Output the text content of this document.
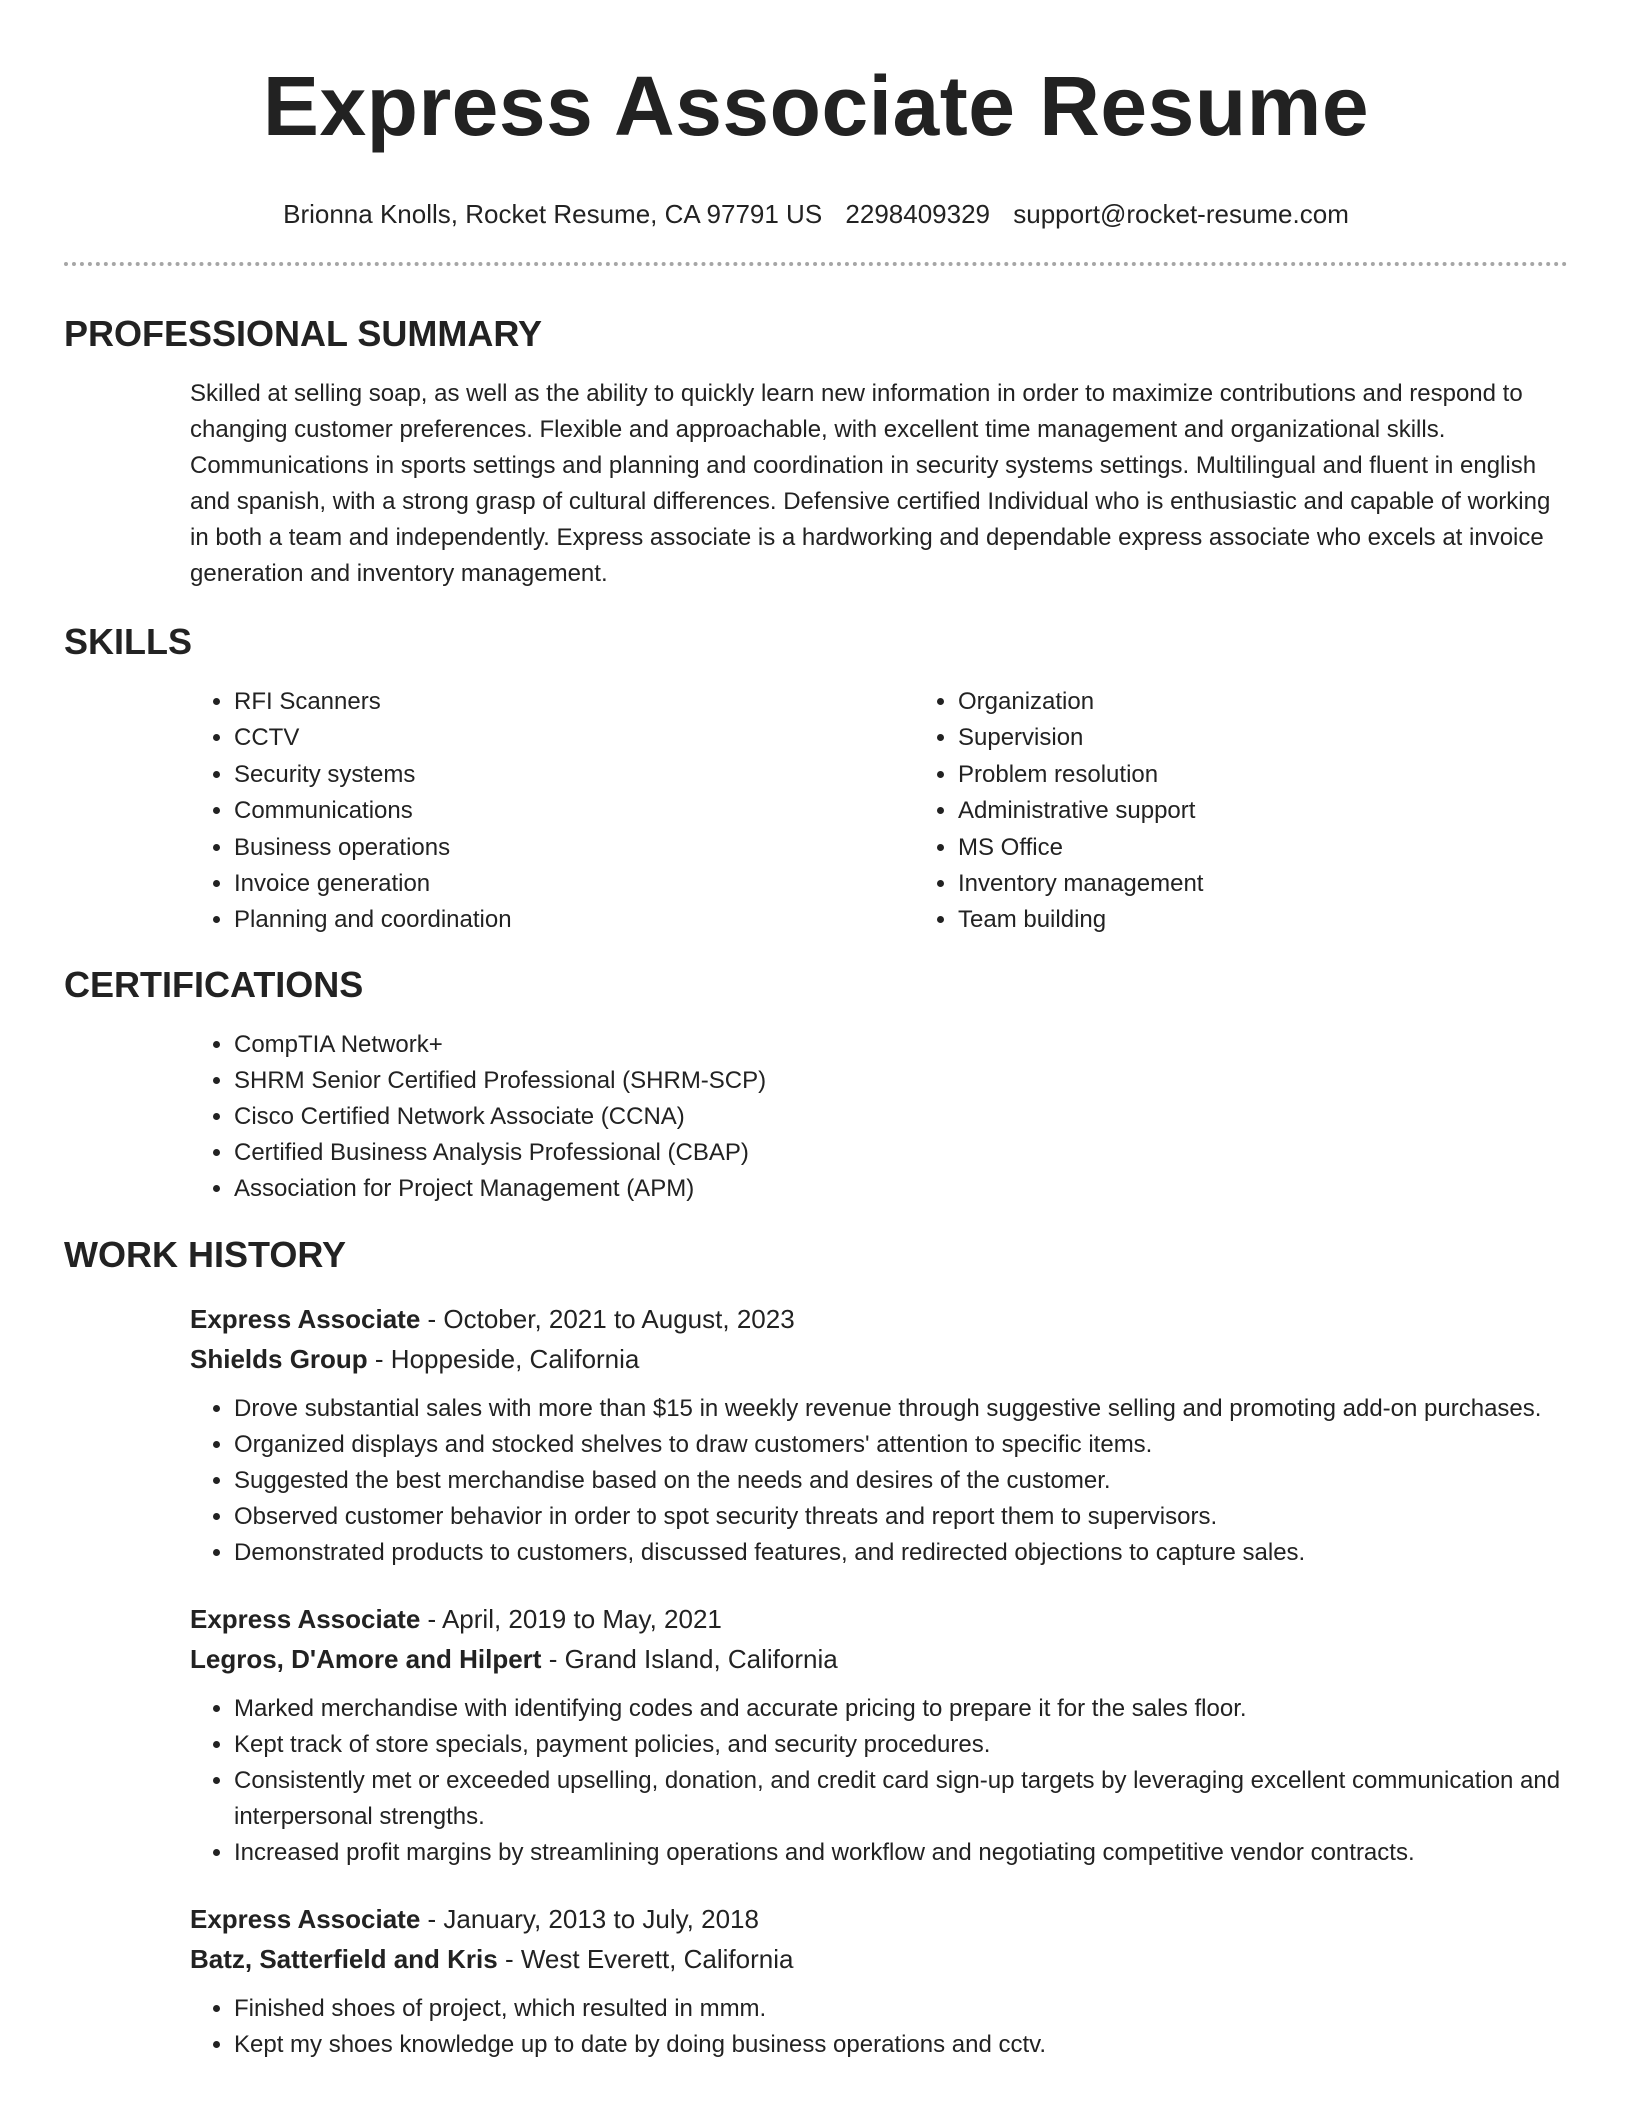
Express Associate Resume
Brionna Knolls, Rocket Resume, CA 97791 US 2298409329 support@rocket-resume.com
PROFESSIONAL SUMMARY

Skilled at selling soap, as well as the ability to quickly learn new information in order to maximize contributions and respond to changing customer preferences. Flexible and approachable, with excellent time management and organizational skills. Communications in sports settings and planning and coordination in security systems settings. Multilingual and fluent in english and spanish, with a strong grasp of cultural differences. Defensive certified Individual who is enthusiastic and capable of working in both a team and independently. Express associate is a hardworking and dependable express associate who excels at invoice generation and inventory management.

SKILLS
• RFI Scanners
• CCTV
• Security systems
• Communications
• Business operations
• Invoice generation
• Planning and coordination
• Organization
• Supervision
• Problem resolution
• Administrative support
• MS Office
• Inventory management
• Team building
CERTIFICATIONS
• CompTIA Network+
• SHRM Senior Certified Professional (SHRM-SCP)
• Cisco Certified Network Associate (CCNA)
• Certified Business Analysis Professional (CBAP)
• Association for Project Management (APM)
WORK HISTORY
Express Associate - October, 2021 to August, 2023
Shields Group - Hoppeside, California
• Drove substantial sales with more than $15 in weekly revenue through suggestive selling and promoting add-on purchases.
• Organized displays and stocked shelves to draw customers' attention to specific items.
• Suggested the best merchandise based on the needs and desires of the customer.
• Observed customer behavior in order to spot security threats and report them to supervisors.
• Demonstrated products to customers, discussed features, and redirected objections to capture sales.
Express Associate - April, 2019 to May, 2021
Legros, D'Amore and Hilpert - Grand Island, California
• Marked merchandise with identifying codes and accurate pricing to prepare it for the sales floor.
• Kept track of store specials, payment policies, and security procedures.
• Consistently met or exceeded upselling, donation, and credit card sign-up targets by leveraging excellent communication and interpersonal strengths.
• Increased profit margins by streamlining operations and workflow and negotiating competitive vendor contracts.
Express Associate - January, 2013 to July, 2018
Batz, Satterfield and Kris - West Everett, California
• Finished shoes of project, which resulted in mmm.
• Kept my shoes knowledge up to date by doing business operations and cctv.
